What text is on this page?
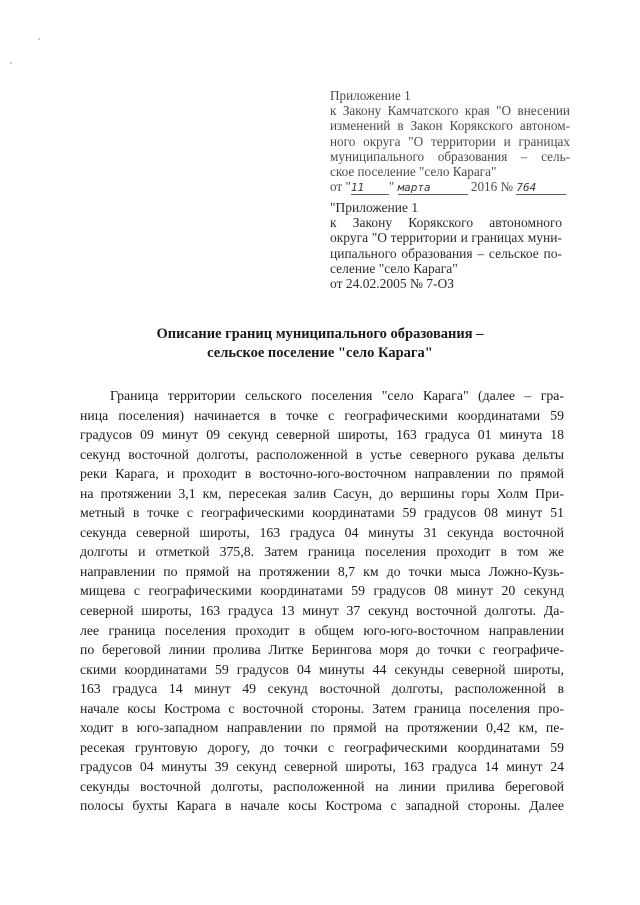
Приложение 1
к Закону Камчатского края "О внесении
изменений в Закон Корякского автоном-
ного округа "О территории и границах
муниципального образования – сель-
ское поселение "село Карага"
от "11 " марта	2016 № 764
"Приложение 1
к Закону Корякского автономного
округа "О территории и границах муни-
ципального образования – сельское по-
селение "село Карага"
от 24.02.2005 № 7-ОЗ
Описание границ муниципального образования –
сельское поселение "село Карага"
Граница территории сельского поселения "село Карага" (далее – гра-
ница поселения) начинается в точке с географическими координатами 59
градусов 09 минут 09 секунд северной широты, 163 градуса 01 минута 18
секунд восточной долготы, расположенной в устье северного рукава дельты
реки Карага, и проходит в восточно-юго-восточном направлении по прямой
на протяжении 3,1 км, пересекая залив Сасун, до вершины горы Холм При-
метный в точке с географическими координатами 59 градусов 08 минут 51
секунда северной широты, 163 градуса 04 минуты 31 секунда восточной
долготы и отметкой 375,8. Затем граница поселения проходит в том же
направлении по прямой на протяжении 8,7 км до точки мыса Ложно-Кузь-
мищева с географическими координатами 59 градусов 08 минут 20 секунд
северной широты, 163 градуса 13 минут 37 секунд восточной долготы. Да-
лее граница поселения проходит в общем юго-юго-восточном направлении
по береговой линии пролива Литке Берингова моря до точки с географиче-
скими координатами 59 градусов 04 минуты 44 секунды северной широты,
163 градуса 14 минут 49 секунд восточной долготы, расположенной в
начале косы Кострома с восточной стороны. Затем граница поселения про-
ходит в юго-западном направлении по прямой на протяжении 0,42 км, пе-
ресекая грунтовую дорогу, до точки с географическими координатами 59
градусов 04 минуты 39 секунд северной широты, 163 градуса 14 минут 24
секунды восточной долготы, расположенной на линии прилива береговой
полосы бухты Карага в начале косы Кострома с западной стороны. Далее
